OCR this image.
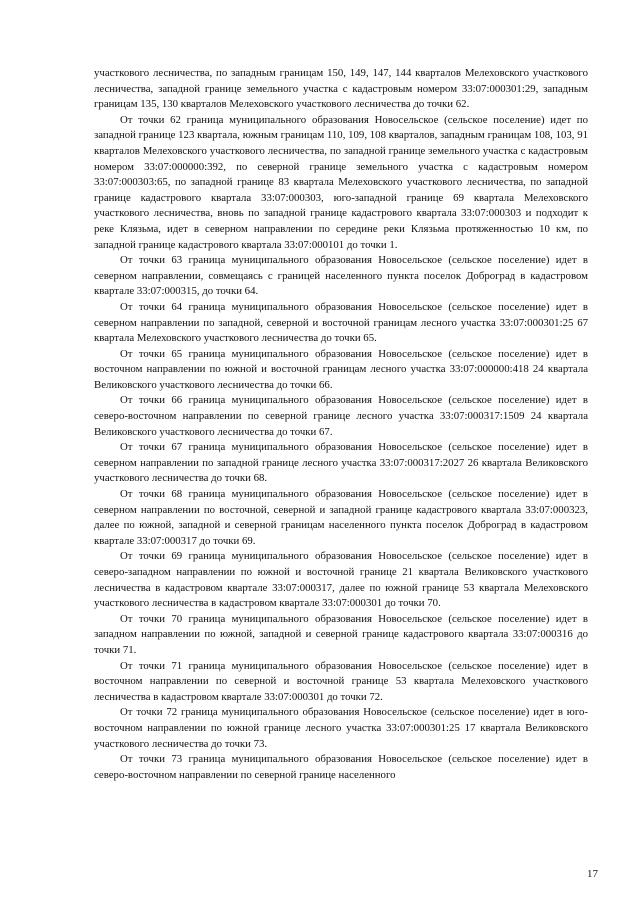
участкового лесничества, по западным границам 150, 149, 147, 144 кварталов Мелеховского участкового лесничества, западной границе земельного участка с кадастровым номером 33:07:000301:29, западным границам 135, 130 кварталов Мелеховского участкового лесничества до точки 62.

От точки 62 граница муниципального образования Новосельское (сельское поселение) идет по западной границе 123 квартала, южным границам 110, 109, 108 кварталов, западным границам 108, 103, 91 кварталов Мелеховского участкового лесничества, по западной границе земельного участка с кадастровым номером 33:07:000000:392, по северной границе земельного участка с кадастровым номером 33:07:000303:65, по западной границе 83 квартала Мелеховского участкового лесничества, по западной границе кадастрового квартала 33:07:000303, юго-западной границе 69 квартала Мелеховского участкового лесничества, вновь по западной границе кадастрового квартала 33:07:000303 и подходит к реке Клязьма, идет в северном направлении по середине реки Клязьма протяженностью 10 км, по западной границе кадастрового квартала 33:07:000101 до точки 1.

От точки 63 граница муниципального образования Новосельское (сельское поселение) идет в северном направлении, совмещаясь с границей населенного пункта поселок Доброград в кадастровом квартале 33:07:000315, до точки 64.

От точки 64 граница муниципального образования Новосельское (сельское поселение) идет в северном направлении по западной, северной и восточной границам лесного участка 33:07:000301:25 67 квартала Мелеховского участкового лесничества до точки 65.

От точки 65 граница муниципального образования Новосельское (сельское поселение) идет в восточном направлении по южной и восточной границам лесного участка 33:07:000000:418 24 квартала Великовского участкового лесничества до точки 66.

От точки 66 граница муниципального образования Новосельское (сельское поселение) идет в северо-восточном направлении по северной границе лесного участка 33:07:000317:1509 24 квартала Великовского участкового лесничества до точки 67.

От точки 67 граница муниципального образования Новосельское (сельское поселение) идет в северном направлении по западной границе лесного участка 33:07:000317:2027 26 квартала Великовского участкового лесничества до точки 68.

От точки 68 граница муниципального образования Новосельское (сельское поселение) идет в северном направлении по восточной, северной и западной границе кадастрового квартала 33:07:000323, далее по южной, западной и северной границам населенного пункта поселок Доброград в кадастровом квартале 33:07:000317 до точки 69.

От точки 69 граница муниципального образования Новосельское (сельское поселение) идет в северо-западном направлении по южной и восточной границе 21 квартала Великовского участкового лесничества в кадастровом квартале 33:07:000317, далее по южной границе 53 квартала Мелеховского участкового лесничества в кадастровом квартале 33:07:000301 до точки 70.

От точки 70 граница муниципального образования Новосельское (сельское поселение) идет в западном направлении по южной, западной и северной границе кадастрового квартала 33:07:000316 до точки 71.

От точки 71 граница муниципального образования Новосельское (сельское поселение) идет в восточном направлении по северной и восточной границе 53 квартала Мелеховского участкового лесничества в кадастровом квартале 33:07:000301 до точки 72.

От точки 72 граница муниципального образования Новосельское (сельское поселение) идет в юго-восточном направлении по южной границе лесного участка 33:07:000301:25 17 квартала Великовского участкового лесничества до точки 73.

От точки 73 граница муниципального образования Новосельское (сельское поселение) идет в северо-восточном направлении по северной границе населенного

17
